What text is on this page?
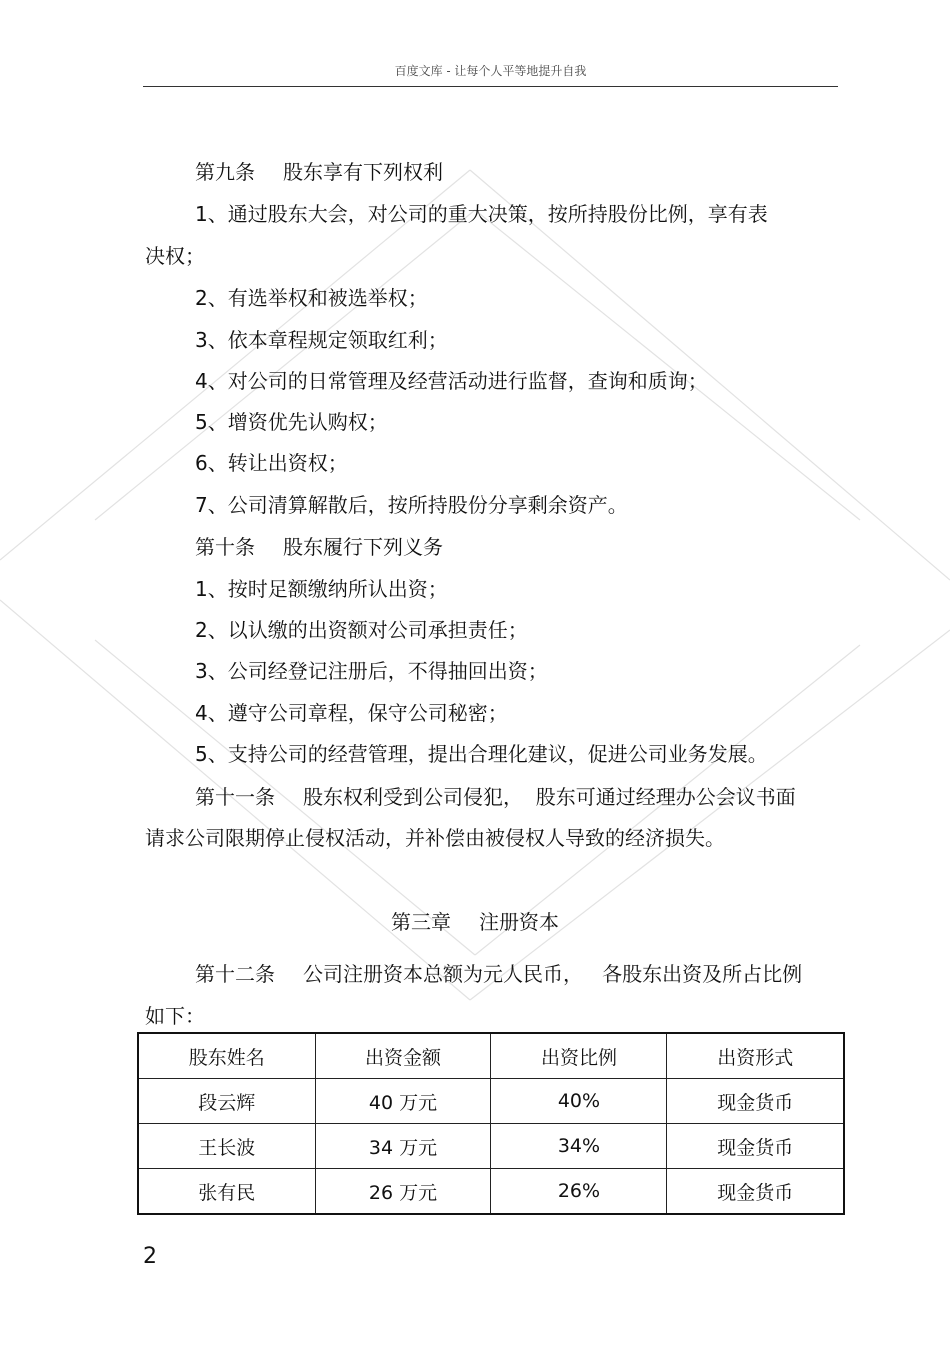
百度文库 - 让每个人平等地提升自我
第九条 股东享有下列权利
1、通过股东大会，对公司的重大决策，按所持股份比例，享有表
决权；
2、有选举权和被选举权；
3、依本章程规定领取红利；
4、对公司的日常管理及经营活动进行监督，查询和质询；
5、增资优先认购权；
6、转让出资权；
7、公司清算解散后，按所持股份分享剩余资产。
第十条 股东履行下列义务
1、按时足额缴纳所认出资；
2、以认缴的出资额对公司承担责任；
3、公司经登记注册后，不得抽回出资；
4、遵守公司章程，保守公司秘密；
5、支持公司的经营管理，提出合理化建议，促进公司业务发展。
第十一条 股东权利受到公司侵犯，  股东可通过经理办公会议书面
请求公司限期停止侵权活动，并补偿由被侵权人导致的经济损失。
第三章 注册资本
第十二条 公司注册资本总额为元人民币，   各股东出资及所占比例
如下：
股东姓名	出资金额	出资比例	出资形式
段云辉	40 万元	40%	现金货币
王长波	34 万元	34%	现金货币
张有民	26 万元	26%	现金货币
2
